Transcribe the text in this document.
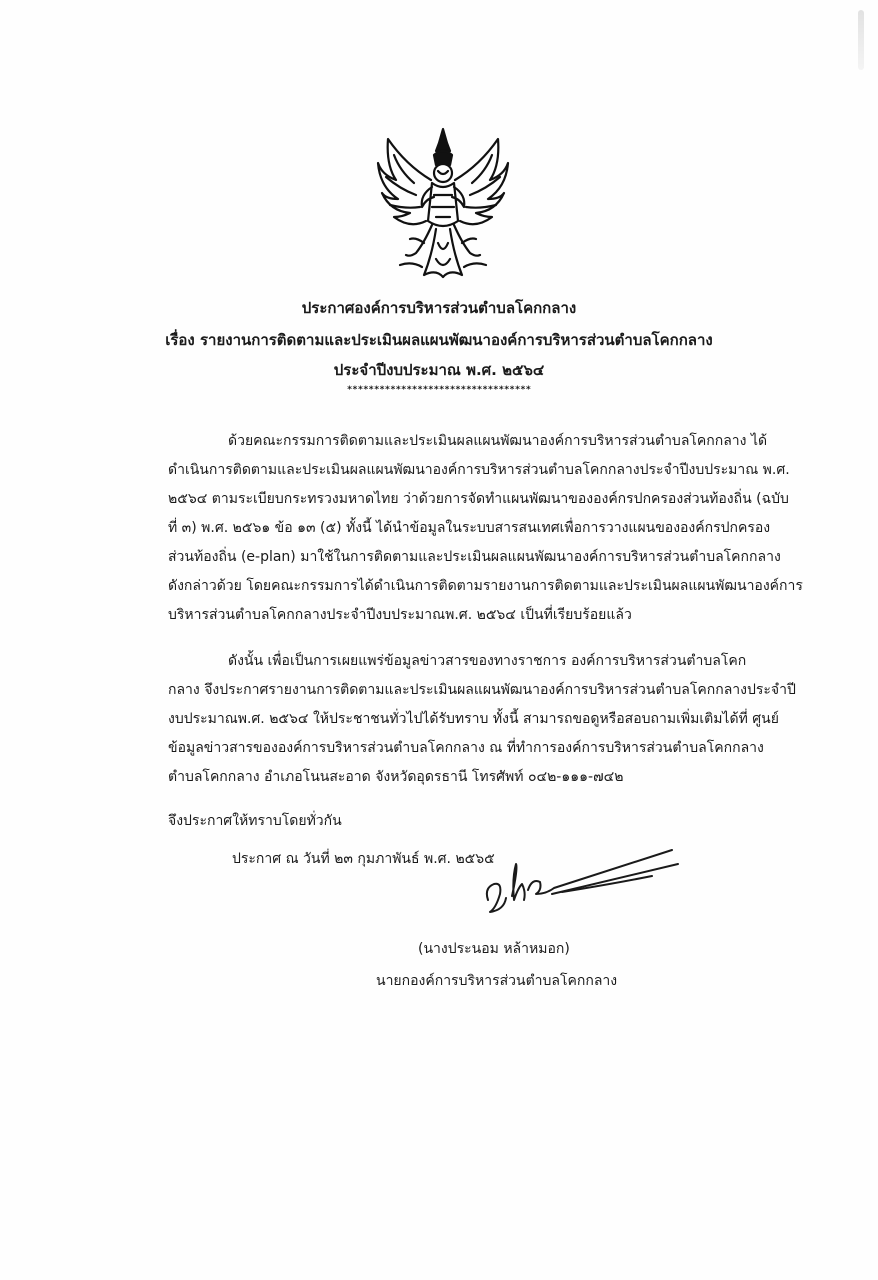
ประกาศองค์การบริหารส่วนตำบลโคกกลาง
เรื่อง รายงานการติดตามและประเมินผลแผนพัฒนาองค์การบริหารส่วนตำบลโคกกลาง
ประจำปีงบประมาณ พ.ศ. ๒๕๖๔
**********************************
ด้วยคณะกรรมการติดตามและประเมินผลแผนพัฒนาองค์การบริหารส่วนตำบลโคกกลาง ได้
ดำเนินการติดตามและประเมินผลแผนพัฒนาองค์การบริหารส่วนตำบลโคกกลางประจำปีงบประมาณ พ.ศ.
๒๕๖๔ ตามระเบียบกระทรวงมหาดไทย ว่าด้วยการจัดทำแผนพัฒนาขององค์กรปกครองส่วนท้องถิ่น (ฉบับ
ที่ ๓) พ.ศ. ๒๕๖๑ ข้อ ๑๓ (๕) ทั้งนี้ ได้นำข้อมูลในระบบสารสนเทศเพื่อการวางแผนขององค์กรปกครอง
ส่วนท้องถิ่น (e-plan) มาใช้ในการติดตามและประเมินผลแผนพัฒนาองค์การบริหารส่วนตำบลโคกกลาง
ดังกล่าวด้วย โดยคณะกรรมการได้ดำเนินการติดตามรายงานการติดตามและประเมินผลแผนพัฒนาองค์การ
บริหารส่วนตำบลโคกกลางประจำปีงบประมาณพ.ศ. ๒๕๖๔ เป็นที่เรียบร้อยแล้ว
ดังนั้น เพื่อเป็นการเผยแพร่ข้อมูลข่าวสารของทางราชการ องค์การบริหารส่วนตำบลโคก
กลาง จึงประกาศรายงานการติดตามและประเมินผลแผนพัฒนาองค์การบริหารส่วนตำบลโคกกลางประจำปี
งบประมาณพ.ศ. ๒๕๖๔ ให้ประชาชนทั่วไปได้รับทราบ ทั้งนี้ สามารถขอดูหรือสอบถามเพิ่มเติมได้ที่ ศูนย์
ข้อมูลข่าวสารขององค์การบริหารส่วนตำบลโคกกลาง ณ ที่ทำการองค์การบริหารส่วนตำบลโคกกลาง
ตำบลโคกกลาง อำเภอโนนสะอาด จังหวัดอุดรธานี โทรศัพท์ ๐๔๒-๑๑๑-๗๔๒
จึงประกาศให้ทราบโดยทั่วกัน
ประกาศ ณ วันที่ ๒๓ กุมภาพันธ์ พ.ศ. ๒๕๖๕
(นางประนอม หล้าหมอก)
นายกองค์การบริหารส่วนตำบลโคกกลาง
